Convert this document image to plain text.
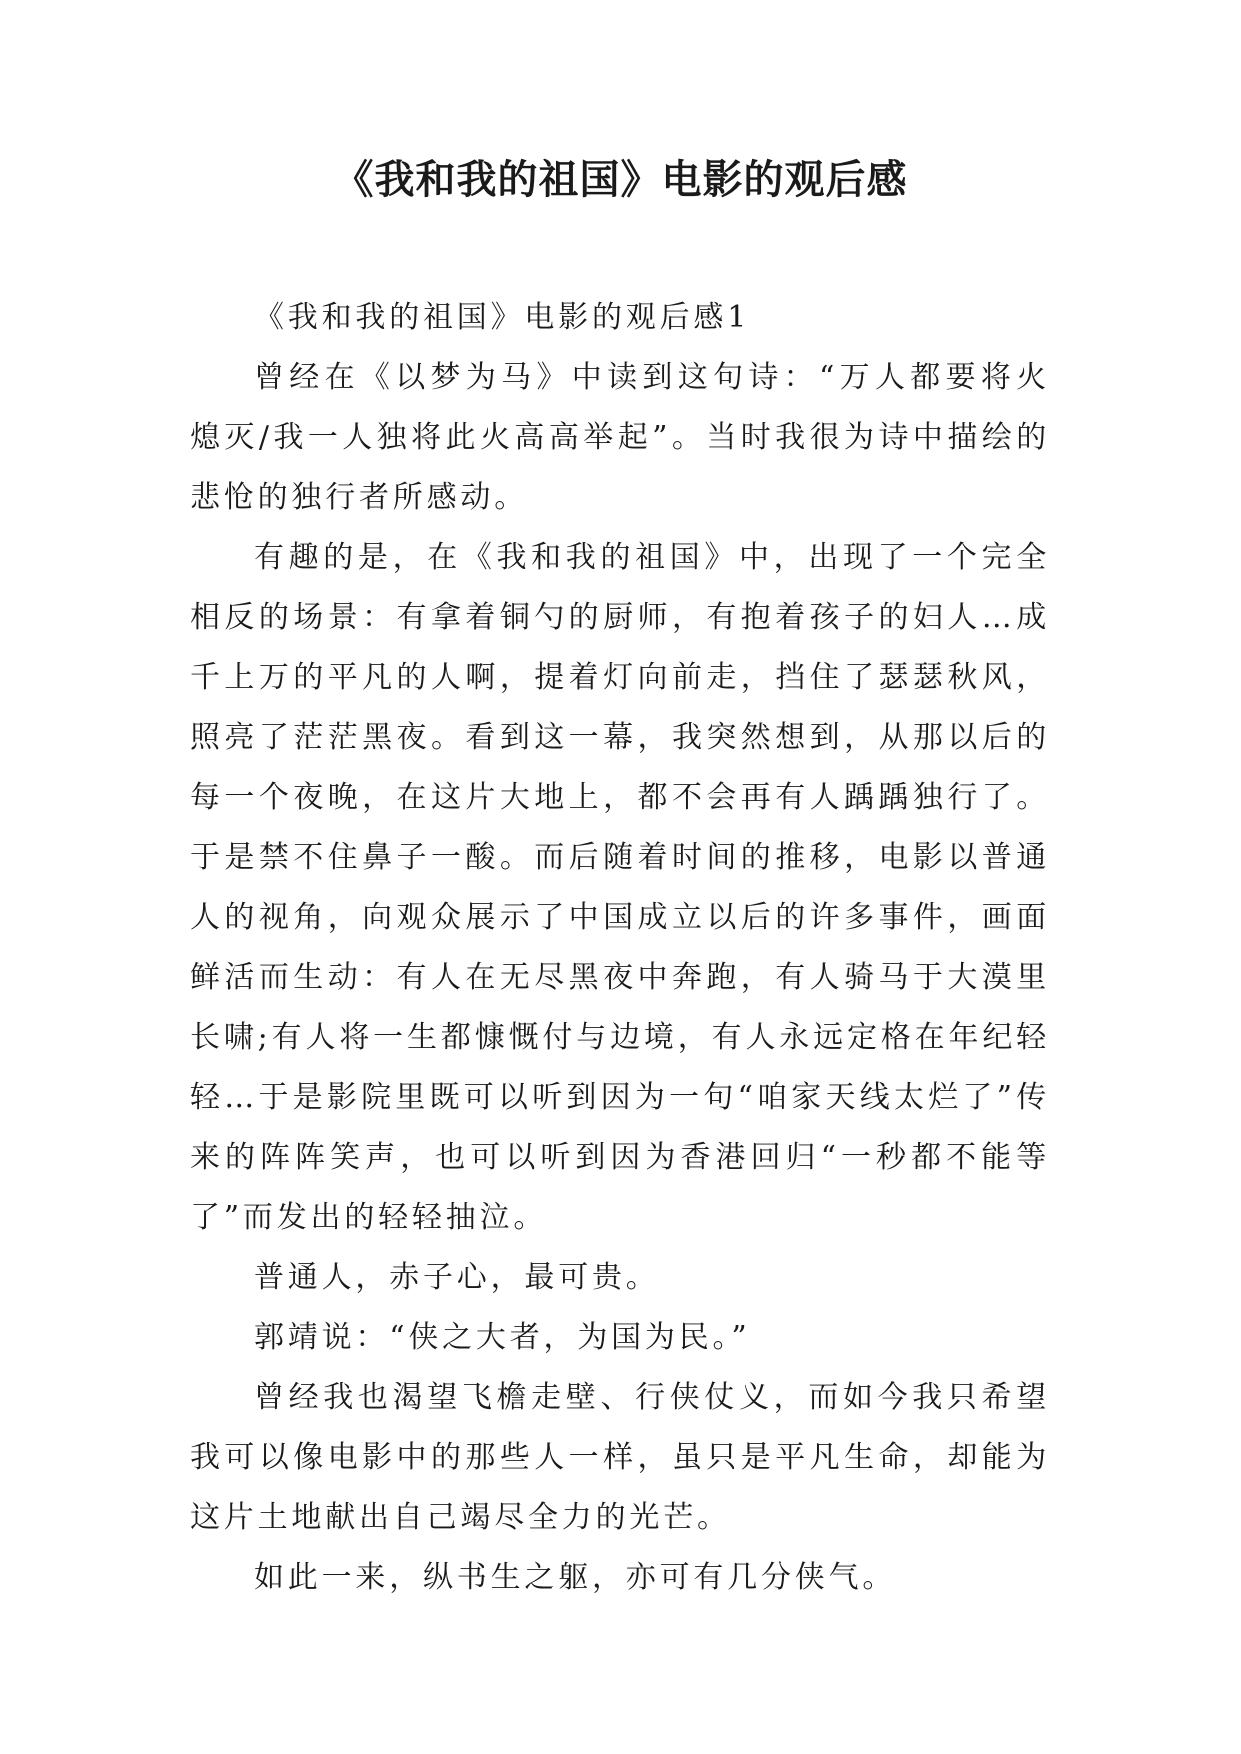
《我和我的祖国》电影的观后感

《我和我的祖国》电影的观后感1

曾经在《以梦为马》中读到这句诗：“万人都要将火熄灭/我一人独将此火高高举起”。当时我很为诗中描绘的悲怆的独行者所感动。

有趣的是，在《我和我的祖国》中，出现了一个完全相反的场景：有拿着铜勺的厨师，有抱着孩子的妇人…成千上万的平凡的人啊，提着灯向前走，挡住了瑟瑟秋风，照亮了茫茫黑夜。看到这一幕，我突然想到，从那以后的每一个夜晚，在这片大地上，都不会再有人踽踽独行了。于是禁不住鼻子一酸。而后随着时间的推移，电影以普通人的视角，向观众展示了中国成立以后的许多事件，画面鲜活而生动：有人在无尽黑夜中奔跑，有人骑马于大漠里长啸;有人将一生都慷慨付与边境，有人永远定格在年纪轻轻…于是影院里既可以听到因为一句“咱家天线太烂了”传来的阵阵笑声，也可以听到因为香港回归“一秒都不能等了”而发出的轻轻抽泣。

普通人，赤子心，最可贵。

郭靖说：“侠之大者，为国为民。”

曾经我也渴望飞檐走壁、行侠仗义，而如今我只希望我可以像电影中的那些人一样，虽只是平凡生命，却能为这片土地献出自己竭尽全力的光芒。

如此一来，纵书生之躯，亦可有几分侠气。
